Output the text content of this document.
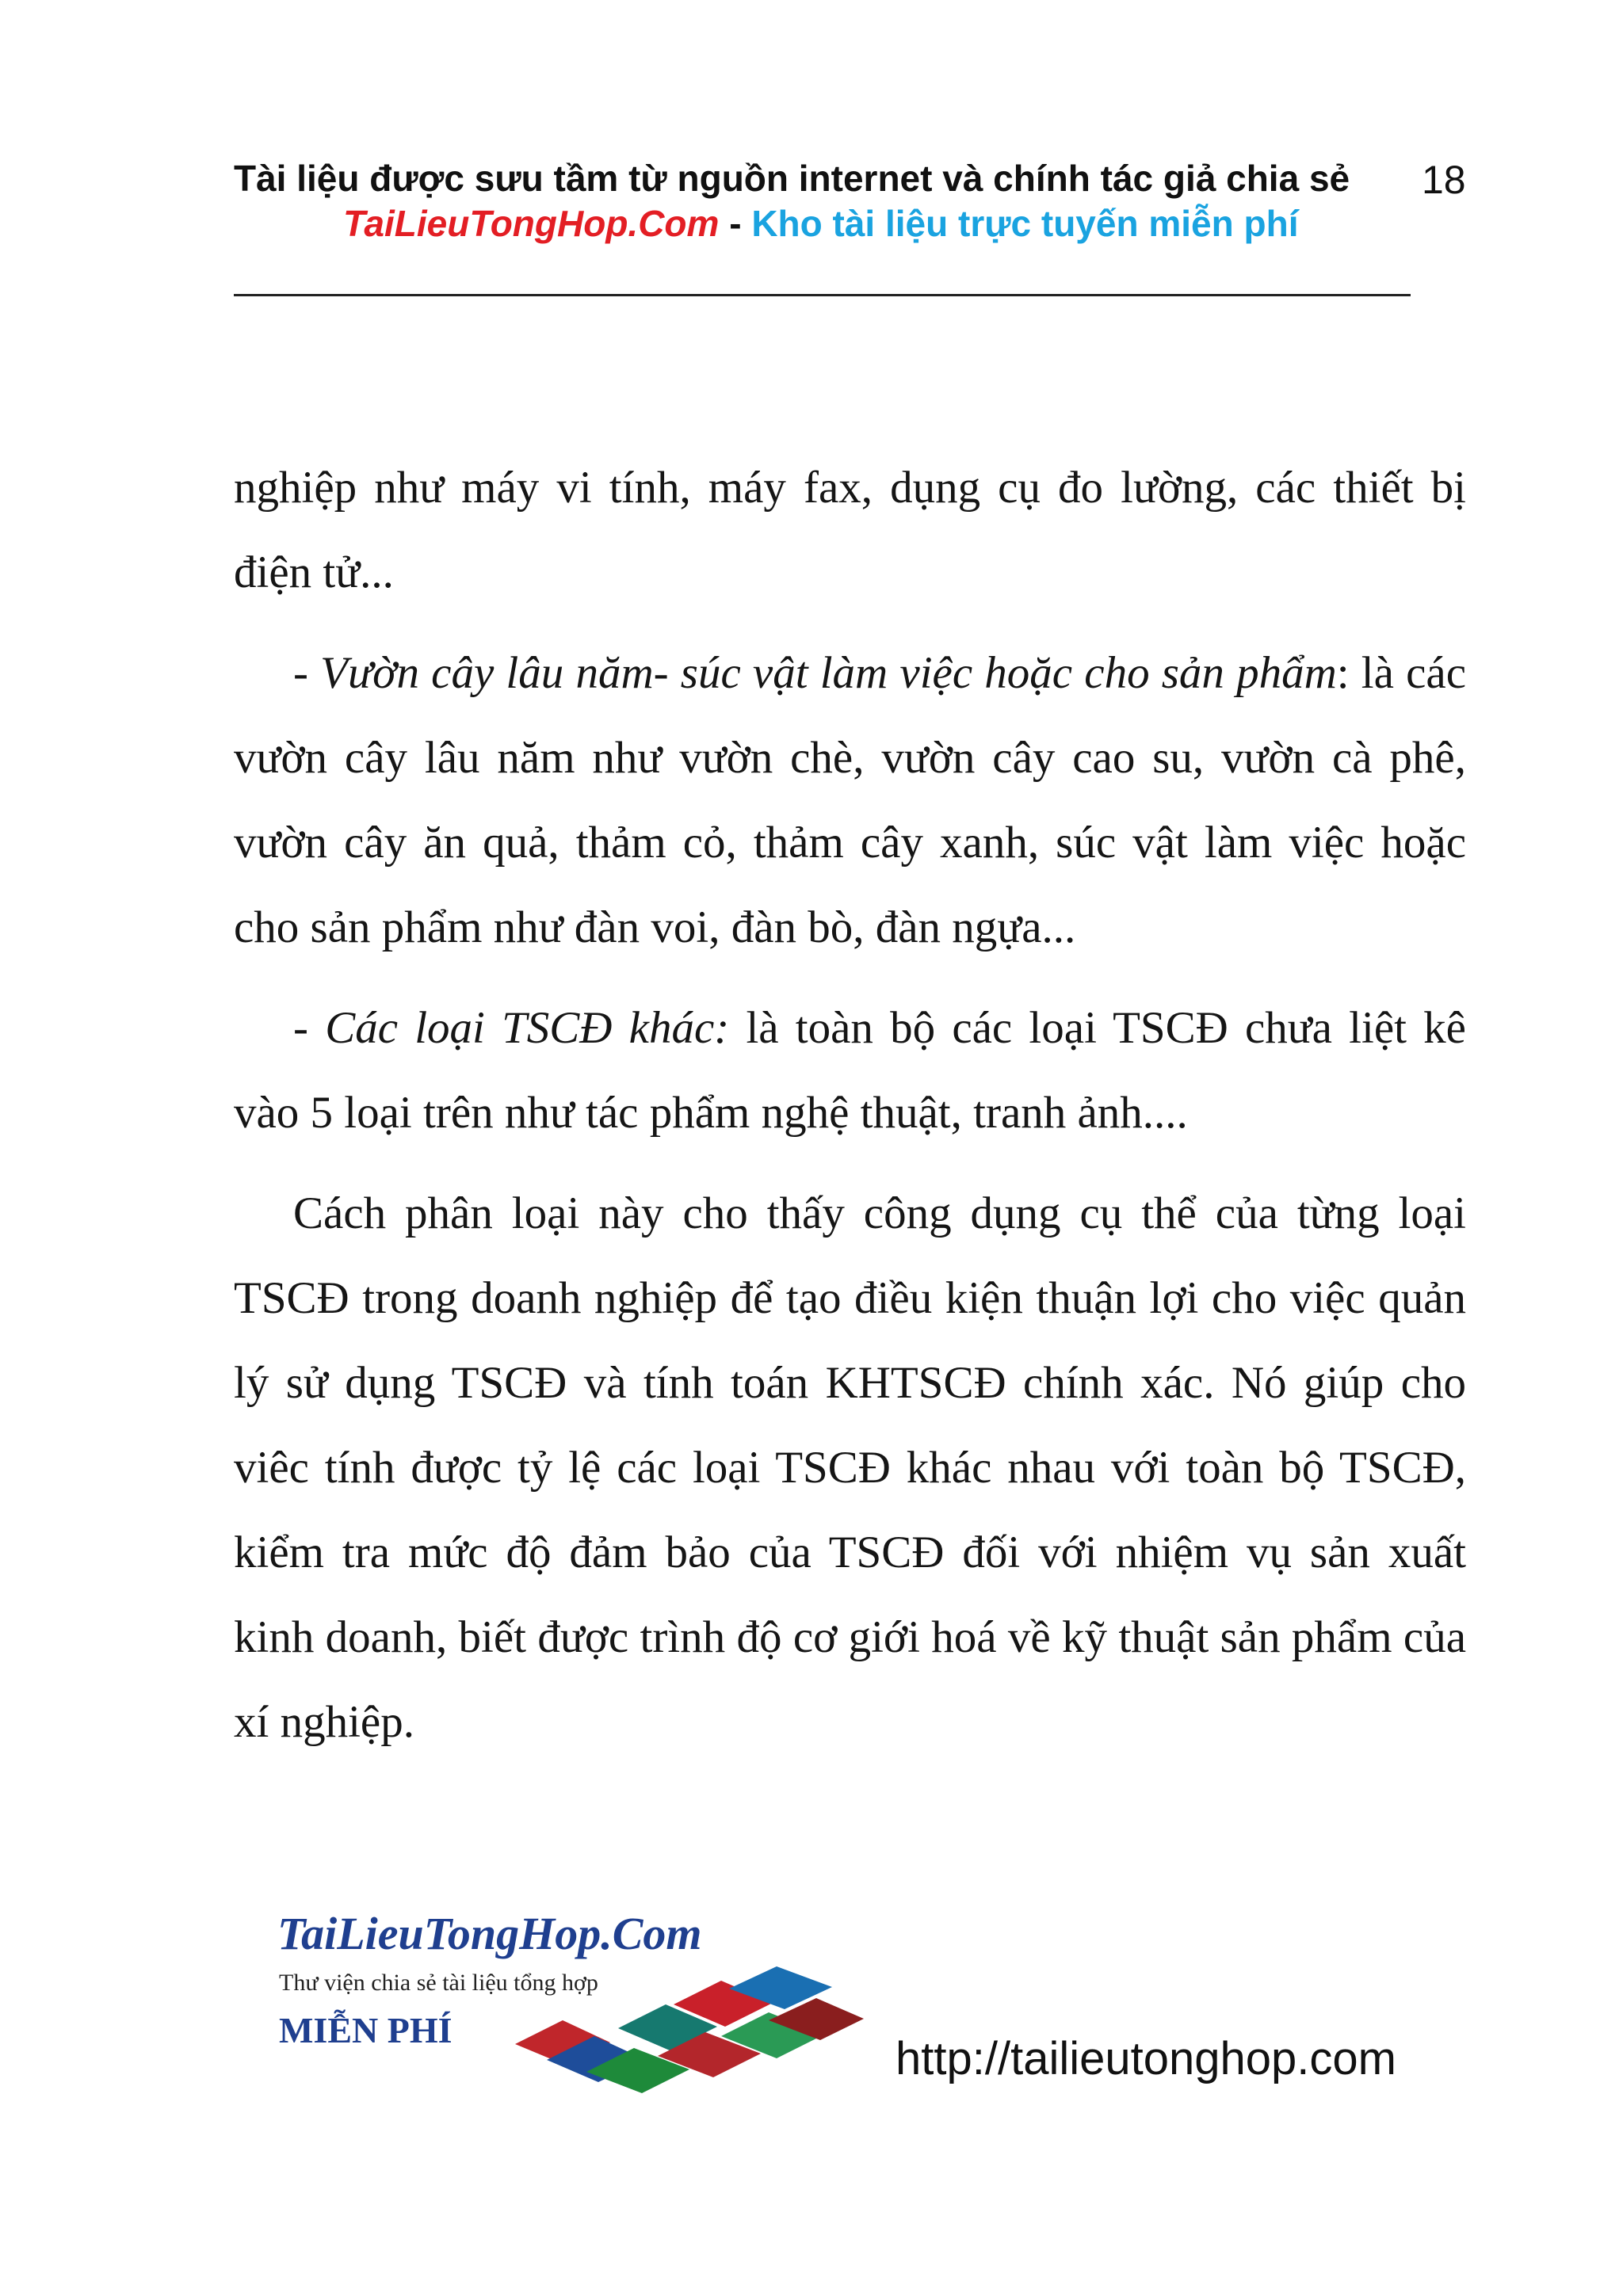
Tài liệu được sưu tầm từ nguồn internet và chính tác giả chia sẻ 18
TaiLieuTongHop.Com - Kho tài liệu trực tuyến miễn phí

nghiệp như máy vi tính, máy fax, dụng cụ đo lường, các thiết bị điện tử...

- Vườn cây lâu năm- súc vật làm việc hoặc cho sản phẩm: là các vườn cây lâu năm như vườn chè, vườn cây cao su, vườn cà phê, vườn cây ăn quả, thảm cỏ, thảm cây xanh, súc vật làm việc hoặc cho sản phẩm như đàn voi, đàn bò, đàn ngựa...

- Các loại TSCĐ khác: là toàn bộ các loại TSCĐ chưa liệt kê vào 5 loại trên như tác phẩm nghệ thuật, tranh ảnh....

Cách phân loại này cho thấy công dụng cụ thể của từng loại TSCĐ trong doanh nghiệp để tạo điều kiện thuận lợi cho việc quản lý sử dụng TSCĐ và tính toán KHTSCĐ chính xác. Nó giúp cho viêc tính được tỷ lệ các loại TSCĐ khác nhau với toàn bộ TSCĐ, kiểm tra mức độ đảm bảo của TSCĐ đối với nhiệm vụ sản xuất kinh doanh, biết được trình độ cơ giới hoá về kỹ thuật sản phẩm của xí nghiệp.

TaiLieuTongHop.Com
Thư viện chia sẻ tài liệu tổng hợp
MIỄN PHÍ
http://tailieutonghop.com
